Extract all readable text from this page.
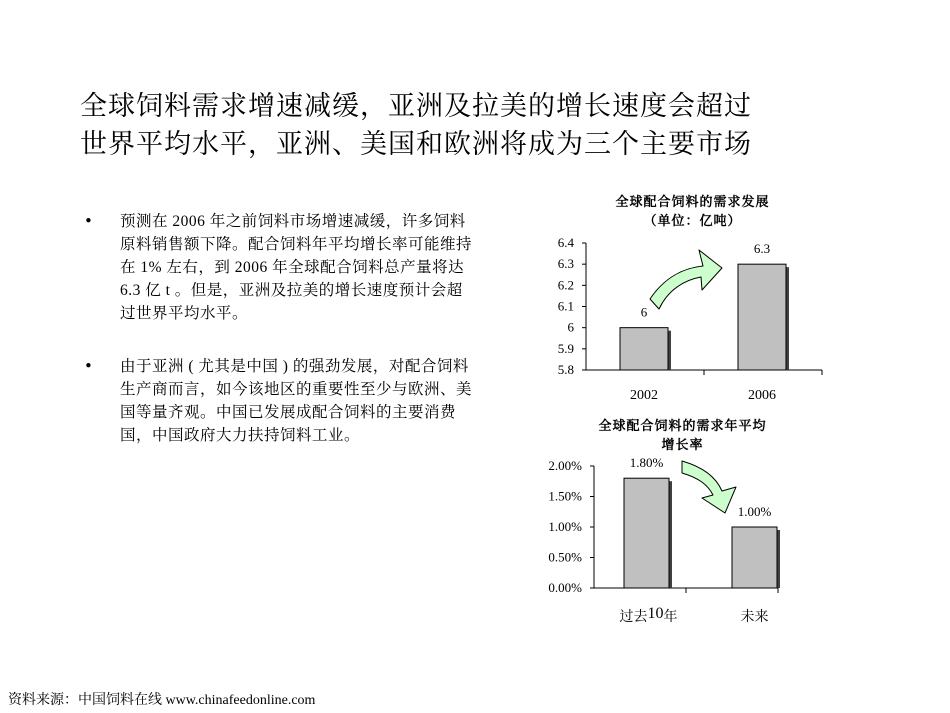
全球饲料需求增速减缓，亚洲及拉美的增长速度会超过
世界平均水平，亚洲、美国和欧洲将成为三个主要市场
• 预测在 2006 年之前饲料市场增速减缓，许多饲料原料销售额下降。配合饲料年平均增长率可能维持在 1% 左右，到 2006 年全球配合饲料总产量将达 6.3 亿 t 。但是，亚洲及拉美的增长速度预计会超过世界平均水平。
• 由于亚洲 ( 尤其是中国 ) 的强劲发展，对配合饲料生产商而言，如今该地区的重要性至少与欧洲、美国等量齐观。中国已发展成配合饲料的主要消费国，中国政府大力扶持饲料工业。
全球配合饲料的需求发展
（单位：亿吨）
全球配合饲料的需求年平均
增长率
6.4
6.3
6.2
6.1
6
5.9
5.8
6
6.3
2002	2006
2.00%
1.50%
1.00%
0.50%
0.00%
1.80%
1.00%
过去10年	未来
资料来源：中国饲料在线 www.chinafeedonline.com
